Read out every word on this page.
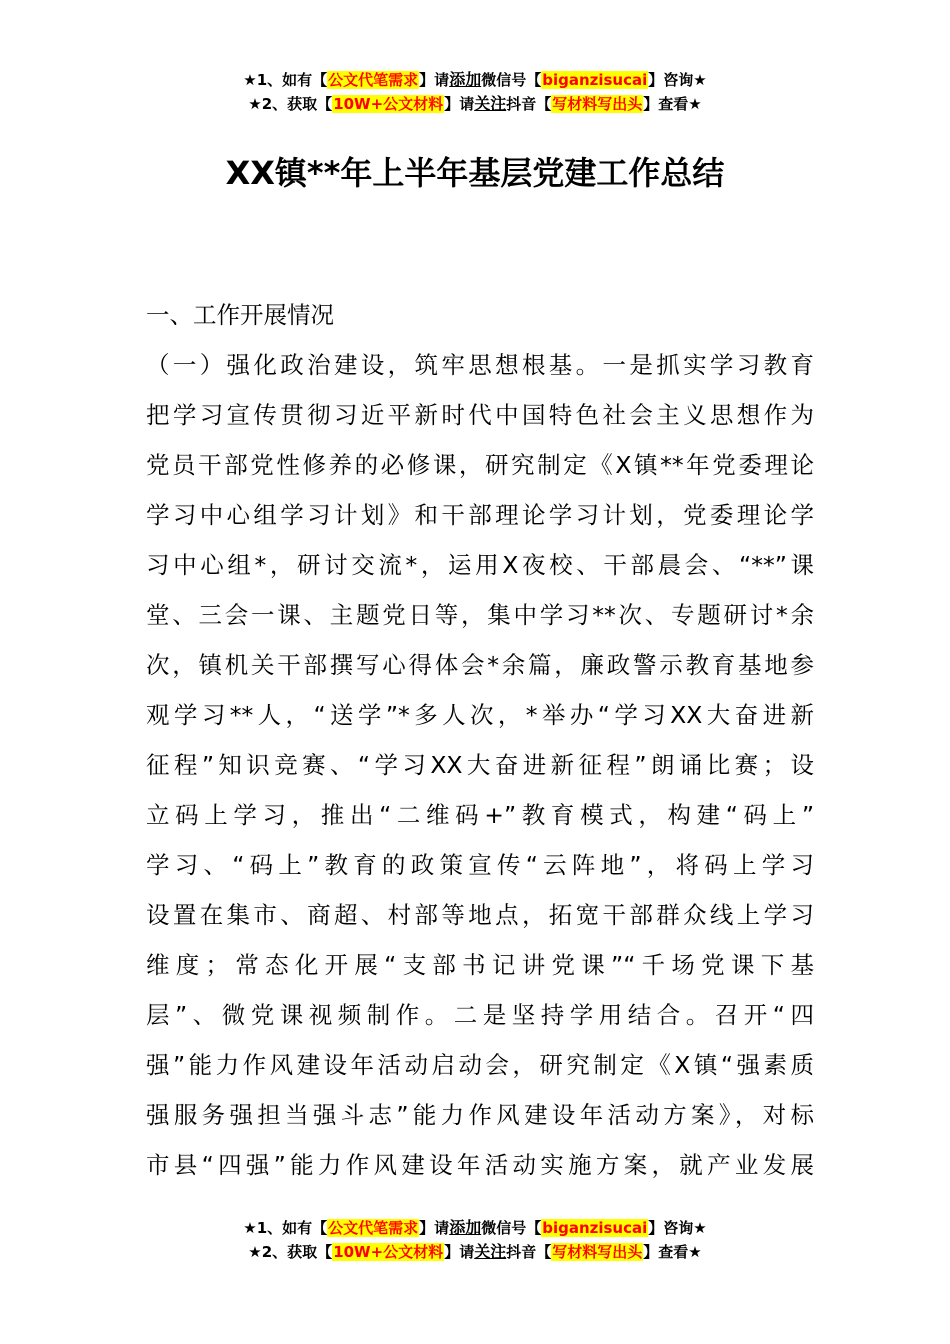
★1、如有【公文代笔需求】请添加微信号【biganzisucai】咨询★
★2、获取【10W+公文材料】请关注抖音【写材料写出头】查看★
XX镇**年上半年基层党建工作总结
一、工作开展情况
（一）强化政治建设，筑牢思想根基。一是抓实学习教育
把学习宣传贯彻习近平新时代中国特色社会主义思想作为
党员干部党性修养的必修课，研究制定《X镇**年党委理论
学习中心组学习计划》和干部理论学习计划，党委理论学
习中心组*，研讨交流*，运用X夜校、干部晨会、“**”课
堂、三会一课、主题党日等，集中学习**次、专题研讨*余
次，镇机关干部撰写心得体会*余篇，廉政警示教育基地参
观学习**人，“送学”*多人次，*举办“学习XX大奋进新
征程”知识竞赛、“学习XX大奋进新征程”朗诵比赛；设
立码上学习，推出“二维码+”教育模式，构建“码上”
学习、“码上”教育的政策宣传“云阵地”，将码上学习
设置在集市、商超、村部等地点，拓宽干部群众线上学习
维度；常态化开展“支部书记讲党课”“千场党课下基
层”、微党课视频制作。二是坚持学用结合。召开“四
强”能力作风建设年活动启动会，研究制定《X镇“强素质
强服务强担当强斗志”能力作风建设年活动方案》，对标
市县“四强”能力作风建设年活动实施方案，就产业发展
★1、如有【公文代笔需求】请添加微信号【biganzisucai】咨询★
★2、获取【10W+公文材料】请关注抖音【写材料写出头】查看★
